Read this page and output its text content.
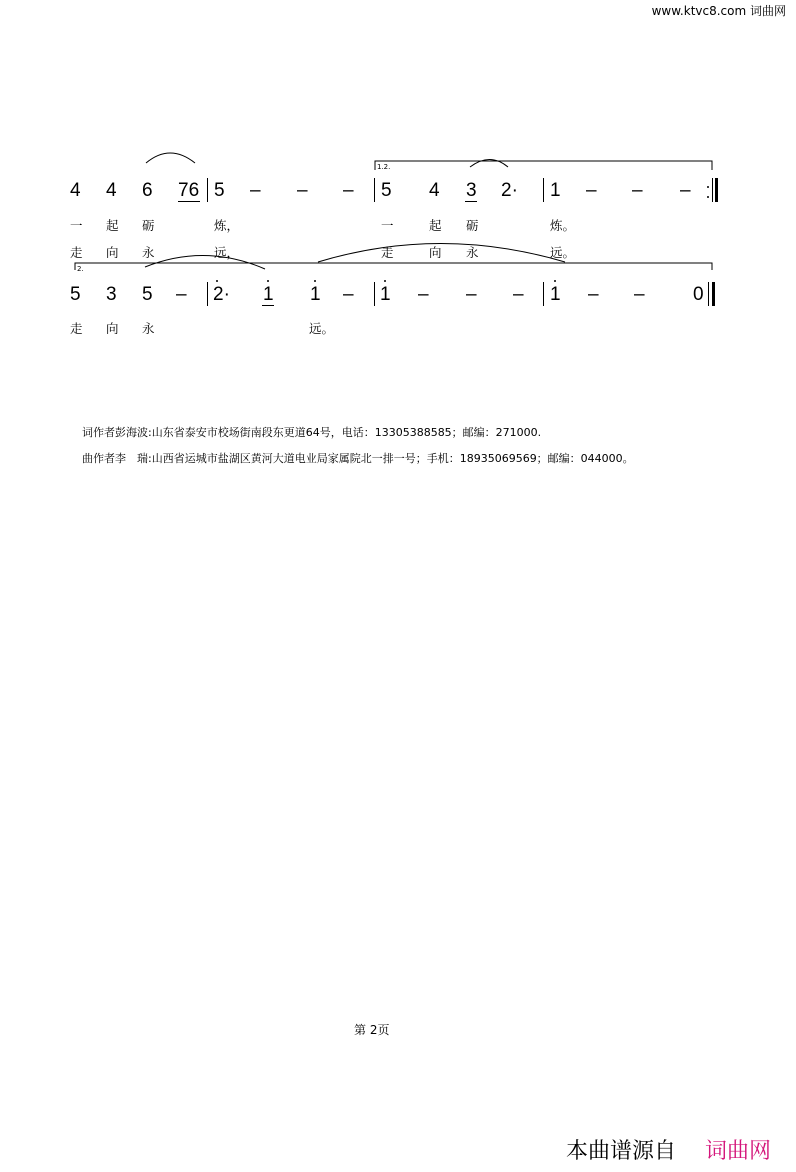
www.ktvc8.com 词曲网
4 4 6 76 5 – – –
1.2.
5 4 3 2· 1 – – –
一 起 砺	炼，	一	起 砺	炼。
走 向 永	远，	走	向 永	远。
2.
5 3 5 – 2· 1 1 – 1 – – – 1 – –	0
走 向 永	远。
词作者彭海波:山东省泰安市校场街南段东更道64号，电话：13305388585；邮编：271000.
曲作者李　瑞:山西省运城市盐湖区黄河大道电业局家属院北一排一号；手机：18935069569；邮编：044000。
第 2页
本曲谱源自 词曲网
